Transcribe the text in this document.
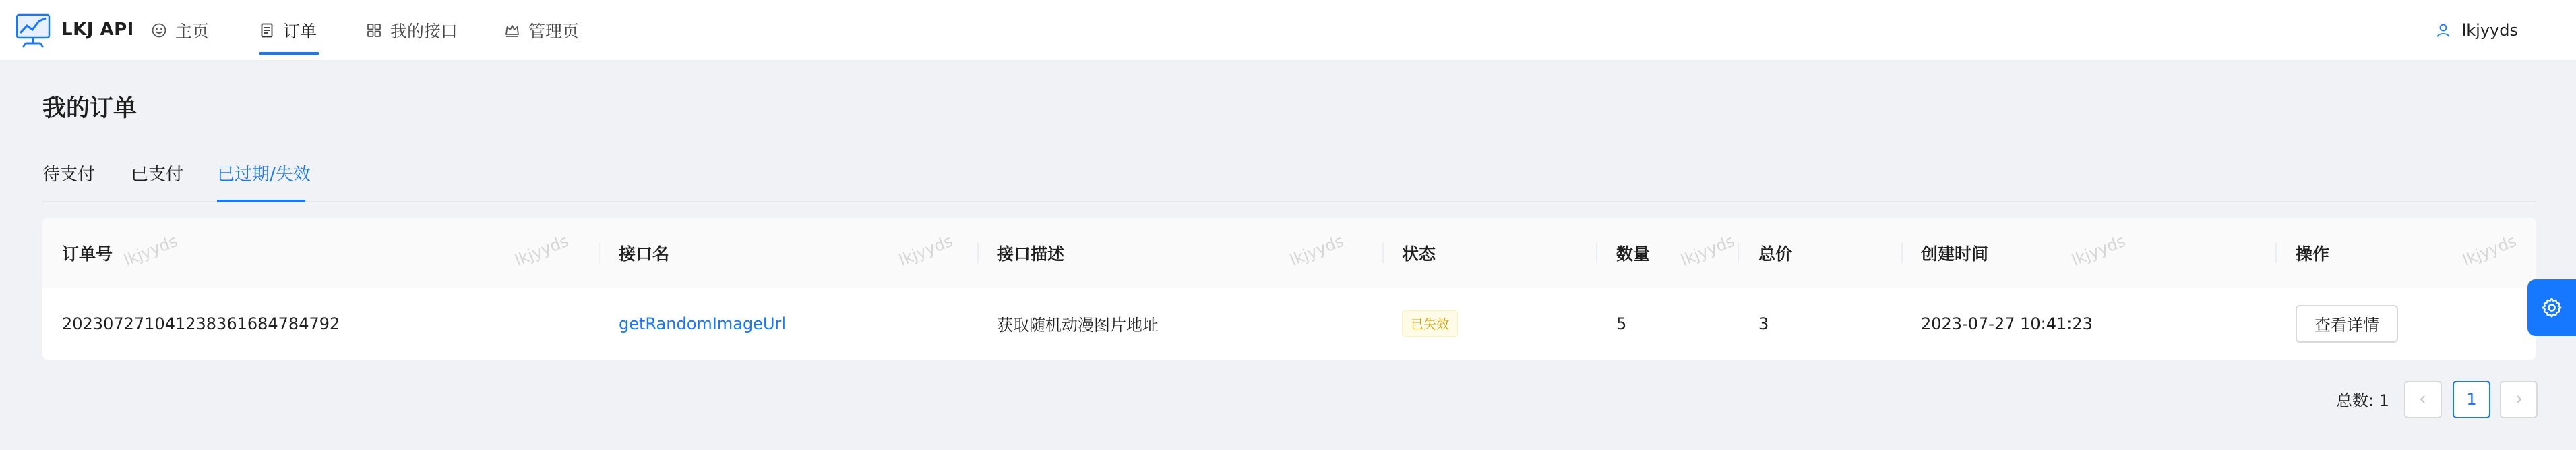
LKJ API 主页	订单	我的接口	管理页	lkjyyds
我的订单
待支付 已支付 已过期/失效
订单号	接口名	接口描述	状态	数量	总价	创建时间	操作
20230727104123836168478479​2	getRandomImageUrl	获取随机动漫图片地址	已失效	5	3	2023-07-27 10:41:23	查看详情
总数: 1	1
